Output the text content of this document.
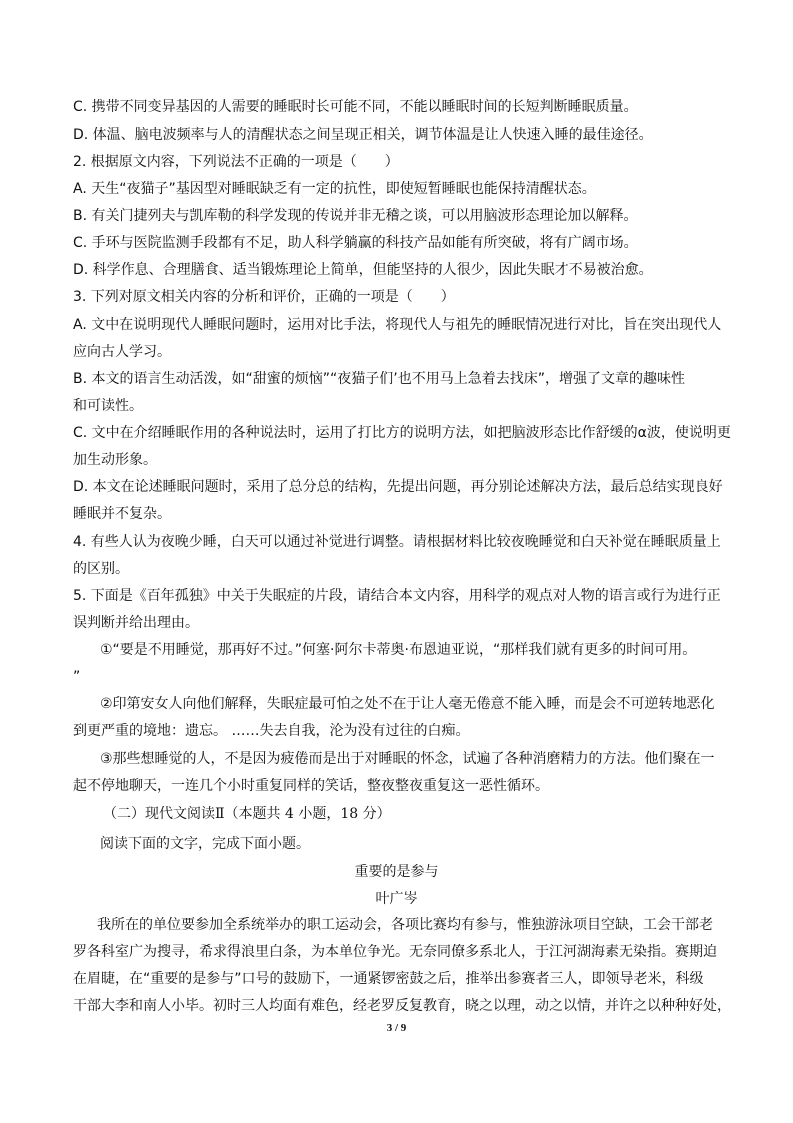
C. 携带不同变异基因的人需要的睡眠时长可能不同，不能以睡眠时间的长短判断睡眠质量。
D. 体温、脑电波频率与人的清醒状态之间呈现正相关，调节体温是让人快速入睡的最佳途径。
2. 根据原文内容，下列说法不正确的一项是（　　）
A. 天生“夜猫子”基因型对睡眠缺乏有一定的抗性，即使短暂睡眠也能保持清醒状态。
B. 有关门捷列夫与凯库勒的科学发现的传说并非无稽之谈，可以用脑波形态理论加以解释。
C. 手环与医院监测手段都有不足，助人科学躺赢的科技产品如能有所突破，将有广阔市场。
D. 科学作息、合理膳食、适当锻炼理论上简单，但能坚持的人很少，因此失眠才不易被治愈。
3. 下列对原文相关内容的分析和评价，正确的一项是（　　）
A. 文中在说明现代人睡眠问题时，运用对比手法，将现代人与祖先的睡眠情况进行对比，旨在突出现代人
应向古人学习。
B. 本文的语言生动活泼，如“甜蜜的烦恼”“夜猫子们’也不用马上急着去找床”，增强了文章的趣味性
和可读性。
C. 文中在介绍睡眠作用的各种说法时，运用了打比方的说明方法，如把脑波形态比作舒缓的α波，使说明更
加生动形象。
D. 本文在论述睡眠问题时，采用了总分总的结构，先提出问题，再分别论述解决方法，最后总结实现良好
睡眠并不复杂。
4. 有些人认为夜晚少睡，白天可以通过补觉进行调整。请根据材料比较夜晚睡觉和白天补觉在睡眠质量上
的区别。
5. 下面是《百年孤独》中关于失眠症的片段，请结合本文内容，用科学的观点对人物的语言或行为进行正
误判断并给出理由。
①“要是不用睡觉，那再好不过。”何塞·阿尔卡蒂奥·布恩迪亚说，“那样我们就有更多的时间可用。
”
②印第安女人向他们解释，失眠症最可怕之处不在于让人毫无倦意不能入睡，而是会不可逆转地恶化
到更严重的境地：遗忘。 ……失去自我，沦为没有过往的白痴。
③那些想睡觉的人，不是因为疲倦而是出于对睡眠的怀念，试遍了各种消磨精力的方法。他们聚在一
起不停地聊天，一连几个小时重复同样的笑话，整夜整夜重复这一恶性循环。
（二）现代文阅读Ⅱ（本题共 4 小题，18 分）
阅读下面的文字，完成下面小题。
重要的是参与
叶广岑
我所在的单位要参加全系统举办的职工运动会，各项比赛均有参与，惟独游泳项目空缺，工会干部老
罗各科室广为搜寻，希求得浪里白条，为本单位争光。无奈同僚多系北人，于江河湖海素无染指。赛期迫
在眉睫，在“重要的是参与”口号的鼓励下，一通紧锣密鼓之后，推举出参赛者三人，即领导老米，科级
干部大李和南人小毕。初时三人均面有难色，经老罗反复教育，晓之以理，动之以情，并许之以种种好处，
3 / 9
